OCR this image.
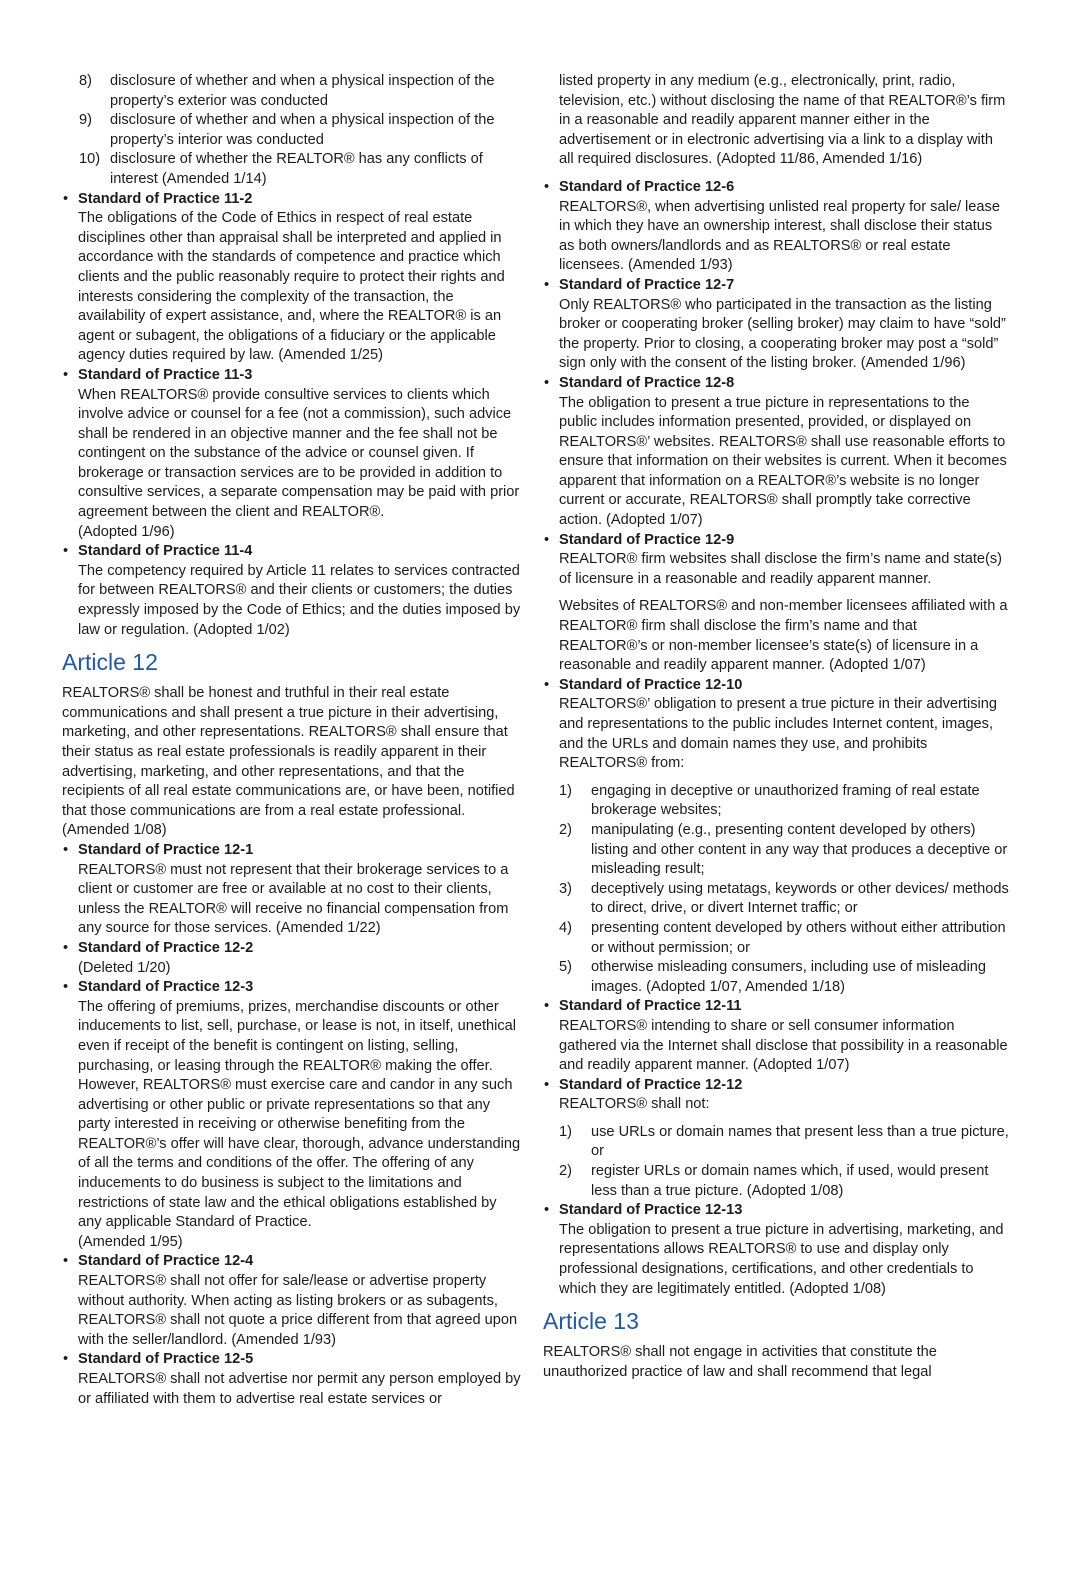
8)	disclosure of whether and when a physical inspection of the property’s exterior was conducted
9)	disclosure of whether and when a physical inspection of the property’s interior was conducted
10) disclosure of whether the REALTOR® has any conflicts of interest (Amended 1/14)
• Standard of Practice 11-2

The obligations of the Code of Ethics in respect of real estate disciplines other than appraisal shall be interpreted and applied in accordance with the standards of competence and practice which clients and the public reasonably require to protect their rights and interests considering the complexity of the transaction, the availability of expert assistance, and, where the REALTOR® is an agent or subagent, the obligations of a fiduciary or the applicable agency duties required by law. (Amended 1/25)

• Standard of Practice 11-3

When REALTORS® provide consultive services to clients which involve advice or counsel for a fee (not a commission), such advice shall be rendered in an objective manner and the fee shall not be contingent on the substance of the advice or counsel given. If brokerage or transaction services are to be provided in addition to consultive services, a separate compensation may be paid with prior agreement between the client and REALTOR®.

(Adopted 1/96)

• Standard of Practice 11-4

The competency required by Article 11 relates to services contracted for between REALTORS® and their clients or customers; the duties expressly imposed by the Code of Ethics; and the duties imposed by law or regulation. (Adopted 1/02)

Article 12

REALTORS® shall be honest and truthful in their real estate communications and shall present a true picture in their advertising, marketing, and other representations. REALTORS® shall ensure that their status as real estate professionals is readily apparent in their advertising, marketing, and other representations, and that the recipients of all real estate communications are, or have been, notified that those communications are from a real estate professional. (Amended 1/08)

• Standard of Practice 12-1

REALTORS® must not represent that their brokerage services to a client or customer are free or available at no cost to their clients, unless the REALTOR® will receive no financial compensation from any source for those services. (Amended 1/22)

• Standard of Practice 12-2

(Deleted 1/20)

• Standard of Practice 12-3

The offering of premiums, prizes, merchandise discounts or other inducements to list, sell, purchase, or lease is not, in itself, unethical even if receipt of the benefit is contingent on listing, selling, purchasing, or leasing through the REALTOR® making the offer. However, REALTORS® must exercise care and candor in any such advertising or other public or private representations so that any party interested in receiving or otherwise benefiting from the REALTOR®’s offer will have clear, thorough, advance understanding of all the terms and conditions of the offer. The offering of any inducements to do business is subject to the limitations and restrictions of state law and the ethical obligations established by any applicable Standard of Practice.

(Amended 1/95)

• Standard of Practice 12-4

REALTORS® shall not offer for sale/lease or advertise property without authority. When acting as listing brokers or as subagents, REALTORS® shall not quote a price different from that agreed upon with the seller/landlord. (Amended 1/93)

• Standard of Practice 12-5

REALTORS® shall not advertise nor permit any person employed by or affiliated with them to advertise real estate services or

listed property in any medium (e.g., electronically, print, radio, television, etc.) without disclosing the name of that REALTOR®’s firm in a reasonable and readily apparent manner either in the advertisement or in electronic advertising via a link to a display with all required disclosures. (Adopted 11/86, Amended 1/16)

• Standard of Practice 12-6

REALTORS®, when advertising unlisted real property for sale/ lease in which they have an ownership interest, shall disclose their status as both owners/landlords and as REALTORS® or real estate licensees. (Amended 1/93)

• Standard of Practice 12-7

Only REALTORS® who participated in the transaction as the listing broker or cooperating broker (selling broker) may claim to have “sold” the property. Prior to closing, a cooperating broker may post a “sold” sign only with the consent of the listing broker. (Amended 1/96)

• Standard of Practice 12-8

The obligation to present a true picture in representations to the public includes information presented, provided, or displayed on REALTORS®’ websites. REALTORS® shall use reasonable efforts to ensure that information on their websites is current. When it becomes apparent that information on a REALTOR®’s website is no longer current or accurate, REALTORS® shall promptly take corrective action. (Adopted 1/07)

• Standard of Practice 12-9

REALTOR® firm websites shall disclose the firm’s name and state(s) of licensure in a reasonable and readily apparent manner.

Websites of REALTORS® and non-member licensees affiliated with a REALTOR® firm shall disclose the firm’s name and that REALTOR®’s or non-member licensee’s state(s) of licensure in a reasonable and readily apparent manner. (Adopted 1/07)

• Standard of Practice 12-10

REALTORS®’ obligation to present a true picture in their advertising and representations to the public includes Internet content, images, and the URLs and domain names they use, and prohibits REALTORS® from:

1)	engaging in deceptive or unauthorized framing of real estate brokerage websites;
2)	manipulating (e.g., presenting content developed by others) listing and other content in any way that produces a deceptive or misleading result;
3)	deceptively using metatags, keywords or other devices/ methods to direct, drive, or divert Internet traffic; or
4)	presenting content developed by others without either attribution or without permission; or
5)	otherwise misleading consumers, including use of misleading images. (Adopted 1/07, Amended 1/18)
• Standard of Practice 12-11

REALTORS® intending to share or sell consumer information gathered via the Internet shall disclose that possibility in a reasonable and readily apparent manner. (Adopted 1/07)

• Standard of Practice 12-12

REALTORS® shall not:

1)	use URLs or domain names that present less than a true picture, or
2)	register URLs or domain names which, if used, would present less than a true picture. (Adopted 1/08)
• Standard of Practice 12-13

The obligation to present a true picture in advertising, marketing, and representations allows REALTORS® to use and display only professional designations, certifications, and other credentials to which they are legitimately entitled. (Adopted 1/08)

Article 13

REALTORS® shall not engage in activities that constitute the unauthorized practice of law and shall recommend that legal
